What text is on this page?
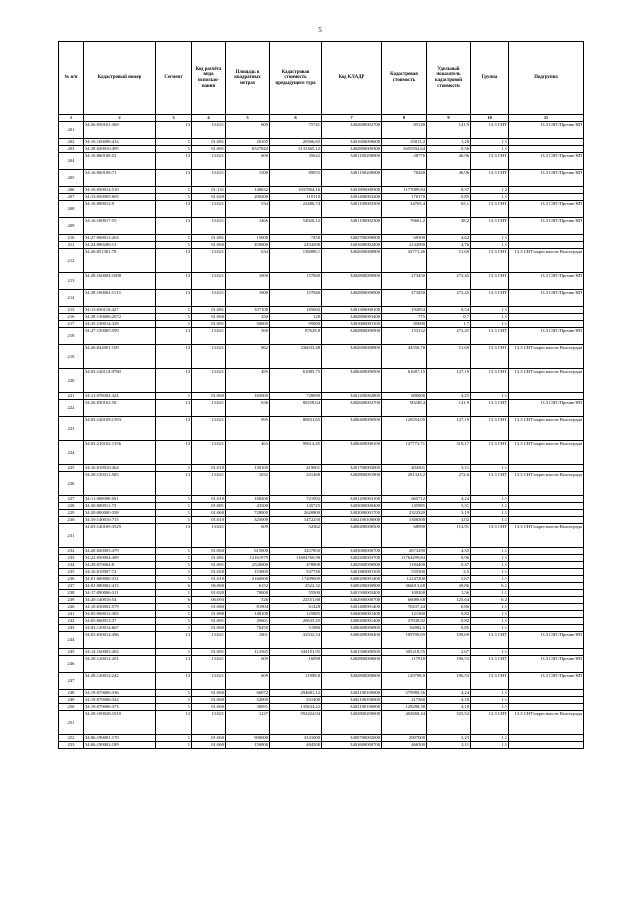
5
№ п/п	Кадастровый номер	Сегмент	Код расчёта вида использо-вания	Площадь в квадратных метрах	Кадастровая стоимость предыдущего тура	Код КЛАДР	Кадастровая стоимость	Удельный показатель кадастровой стоимости	Группа	Подгруппа
1	2	3	4	5	6	7	8	9	10	11
201	34:26:030101:369	13	13:021	609	75741	3402600002700	85140	141,9	13.3 СНТ	13.3 СНТ/Прочие НП
202	34:16:100008:434	1	01:081	20165	20566,65	3401600000600	25811,2	1,28	1.1	
203	34:28:020010:495	1	01:081	6527844	3133365,12	3402800000300	3655592,64	0,56	1.1	
204	34:16:060108:52	13	13:021	600	35622	3401100200000	28776	46,96	13.3 СНТ	13.3 СНТ/Прочие НП
205	34:16:060108:71	13	13:021	1500	89055	3401100200000	70440	46,96	13.3 СНТ	13.3 СНТ/Прочие НП
206	34:16:050014:510	1	01:131	140632	1037864,16	3401800000300	1177089,84	8,37	1.2	
207	34:13:050005:605	1	01:020	200200	110110	3401400003200	170170	0,85	1.1	
208	34:16:080012:9	13	13:021	534	22486,74	3401100003300	34763,4	65,1	13.3 СНТ	13.3 СНТ/Прочие НП
209	34:16:180017:55	13	13:021	1466	54926,12	3401100002300	70661,2	48,2	13.3 СНТ	13.3 СНТ/Прочие НП
210	34:27:060013:263	1	01:081	15000	7450	3402700000800	69300	4,62	1.1	
211	34:24:080200:13	1	01:060	450000	2434500	3401600002400	2142000	4,76	1.1	
212	34:26:051301:78	13	13:021	634	136088,1	3402600000800	32771,46	51,69	13.3 СНТ	13.3 СНТ/окрестности Волгограда
213	34:28:160004:1008	13	13:021	1000	157840	3402800000900	273450	273,45	13.3 СНТ	13.3 СНТ/Прочие НП
214	34:28:160004:1113	13	13:021	1000	157840	3402800000900	273450	273,45	13.3 СНТ	13.3 СНТ/Прочие НП
215	34:13:030110:427	1	01:081	337100	185692	3401300000100	192854	0,54	1.1	
216	34:28:130006:2072	1	01:060	250	120	3402800003400	775	0,7	1.1	
217	34:35:130014:329	1	01:081	50000	95000	3403000001100	85000	1,7	1.1	
218	34:27:150005:599	13	13:021	560	87628,8	3402800000900	153132	273,45	13.3 СНТ	13.3 СНТ/Прочие НП
219	34:26:042001:109	13	13:021	862	236033,48	3402600000800	44556,78	51,69	13.3 СНТ	13.3 СНТ/окрестности Волгограда
220	34:03:140114:9780	13	13:021	485	61085,75	3400400000500	61687,15	127,19	13.3 СНТ	13.3 СНТ/окрестности Волгограда
221	34:11:070002:424	1	01:060	165000	728090	3401200002800	680000	4,25	1.1	
222	34:26:030102:58	13	13:021	636	80258,64	3402600002700	90248,4	141,9	13.3 СНТ	13.3 СНТ/Прочие НП
223	34:03:140109:1393	13	13:021	995	86831,65	3400400000500	126554,05	127,19	13.3 СНТ	13.3 СНТ/окрестности Волгограда
224	34:03:210102:1356	13	13:021	463	99614,45	3400400000100	147773,71	319,17	13.3 СНТ	13.3 СНТ/окрестности Волгограда
225	34:16:010010:464	1	01:010	130100	419601	3401700003000	404301	3,11	1.1	
226	34:28:150311:505	13	13:021	1032	241468	3402800001900	281323,2	272,6	13.3 СНТ	13.3 СНТ/окрестности Волгограда
227	34:11:000000:691	1	01:010	168200	721092	3401200003100	665712	4,24	1.1	
228	34:30:000011:73	1	01:081	43500	145725	3403000000400	145985	3,31	1.1	
229	34:20:000000:358	1	01:060	728000	2620800	3402000001700	2322320	3,19	1.1	
230	34:19:140010:715	1	01:010	325000	1472250	3402100100000	1306500	4,02	1.1	
231	34:03:140109:3529	13	13:021	609	52362	3400400000500	68990	114,91	13.3 СНТ	13.3 СНТ/окрестности Волгограда
232	34:20:020003:479	1	01:060	615000	3437850	3403000000700	2673290	4,35	1.1	
233	34:22:050004:409	1	01:081	12161979	11694760,98	3402200003700	11764299,84	0,96	1.1	
234	34:29:070004:8	1	01:081	2520000	478800	3402900000900	1184400	0,47	1.1	
235	34:16:010007:72	1	01:020	153000	547740	3401800001100	535500	3,5	1.1	
236	34:01:000000:331	1	01:010	2160000	17409600	3400200001400	12247200	5,67	1.1	
237	34:02:080002:413	6	06:060	6152	2522,32	3400200000900	366013,68	49,86	6.1	
238	34:17:090006:311	1	01:020	70000	55500	3401500003400	109200	1,56	1.1	
239	34:20:140016:54	6	06:093	526	22551,88	3402900000700	66089,68	125,64	6.2	
240	34:10:030002:579	1	01:080	81904	61428	3401400001400	70437,44	0,86	1.1	
241	34:05:060012:383	1	01:080	148100	125885	3404000001400	121360	0,82	1.1	
242	34:05:060013:37	1	01:081	45661	20635,45	3400400001400	37638,82	0,82	1.1	
243	34:03:120014:667	1	01:060	76450	51986	3400400000900	64982,5	0,85	1.1	
244	34:03:030012:496	13	13:021	1001	32532,54	3400400000400	109709,69	109,69	13.3 СНТ	13.3 СНТ/Прочие НП
245	34:14:160003:402	1	01:081	112565	344101,95	3401500000500	305218,55	2,67	1.1	
246	34:28:120012:201	13	13:021	609	16098	3402800000600	117918	196,53	13.3 СНТ	13.3 СНТ/Прочие НП
247	34:28:120012:242	13	13:021	609	11998,8	3402800000600	129798,8	196,53	13.3 СНТ	13.3 СНТ/Прочие НП
248	34:19:070006:336	1	01:060	66072	294681,12	3402100100000	279989,56	4,24	1.1	
249	34:19:070006:342	1	01:060	52000	231400	3402100100000	217360	4,18	1.1	
250	34:19:070006:373	1	01:060	30691	135634,22	3402100100000	128288,38	4,18	1.1	
251	34:28:100028:1010	13	13:021	1237	592424,04	3402800200000	402668,24	325,52	13.3 СНТ	13.3 СНТ/окрестности Волгограда
252	34:06:190001:170	1	01:060	900000	3141000	3400700002000	2907000	3,23	1.1	
253	34:06:190002:189	1	01:060	150000	484500	3401600000700	466500	3,11	1.1	
